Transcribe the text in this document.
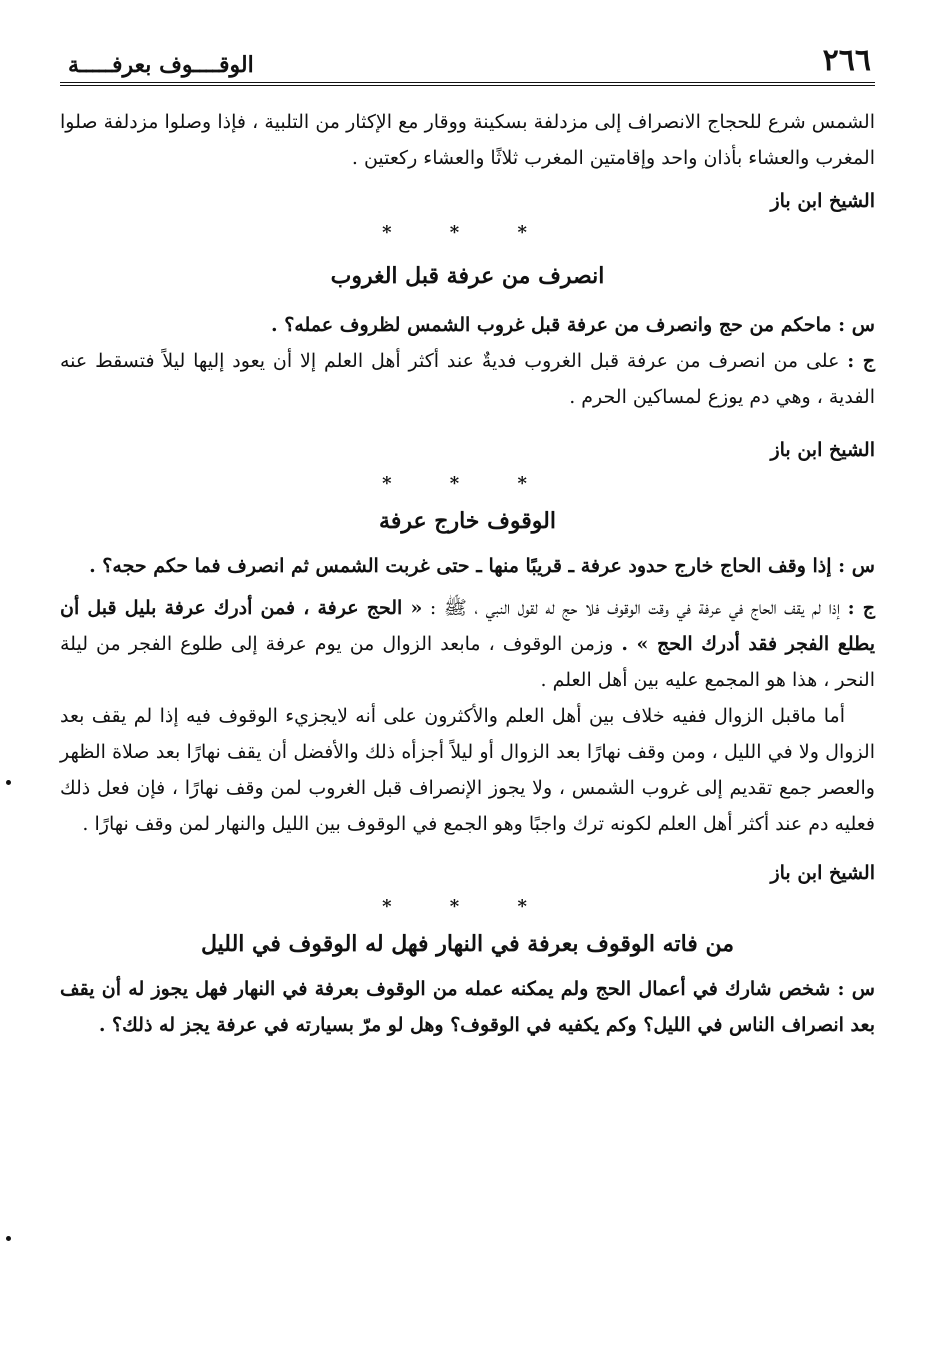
٢٦٦
الوقــــوف بعرفـــــة

الشمس شرع للحجاج الانصراف إلى مزدلفة بسكينة ووقار مع الإكثار من التلبية ، فإذا وصلوا مزدلفة صلوا المغرب والعشاء بأذان واحد وإقامتين المغرب ثلاثًا والعشاء ركعتين .

الشيخ ابن باز

* * *

انصرف من عرفة قبل الغروب

س : ماحكم من حج وانصرف من عرفة قبل غروب الشمس لظروف عمله؟ .

ج : على من انصرف من عرفة قبل الغروب فديةٌ عند أكثر أهل العلم إلا أن يعود إليها ليلاً فتسقط عنه الفدية ، وهي دم يوزع لمساكين الحرم .

الشيخ ابن باز

* * *

الوقوف خارج عرفة

س : إذا وقف الحاج خارج حدود عرفة ـ قريبًا منها ـ حتى غربت الشمس ثم انصرف فما حكم حجه؟ .

ج : إذا لم يقف الحاج في عرفة في وقت الوقوف فلا حج له لقول النبي ، ﷺ : « الحج عرفة ، فمن أدرك عرفة بليل قبل أن يطلع الفجر فقد أدرك الحج » . وزمن الوقوف ، مابعد الزوال من يوم عرفة إلى طلوع الفجر من ليلة النحر ، هذا هو المجمع عليه بين أهل العلم .

أما ماقبل الزوال ففيه خلاف بين أهل العلم والأكثرون على أنه لايجزيء الوقوف فيه إذا لم يقف بعد الزوال ولا في الليل ، ومن وقف نهارًا بعد الزوال أو ليلاً أجزأه ذلك والأفضل أن يقف نهارًا بعد صلاة الظهر والعصر جمع تقديم إلى غروب الشمس ، ولا يجوز الإنصراف قبل الغروب لمن وقف نهارًا ، فإن فعل ذلك فعليه دم عند أكثر أهل العلم لكونه ترك واجبًا وهو الجمع في الوقوف بين الليل والنهار لمن وقف نهارًا .

الشيخ ابن باز

* * *

من فاته الوقوف بعرفة في النهار فهل له الوقوف في الليل

س : شخص شارك في أعمال الحج ولم يمكنه عمله من الوقوف بعرفة في النهار فهل يجوز له أن يقف بعد انصراف الناس في الليل؟ وكم يكفيه في الوقوف؟ وهل لو مرّ بسيارته في عرفة يجز له ذلك؟ .
